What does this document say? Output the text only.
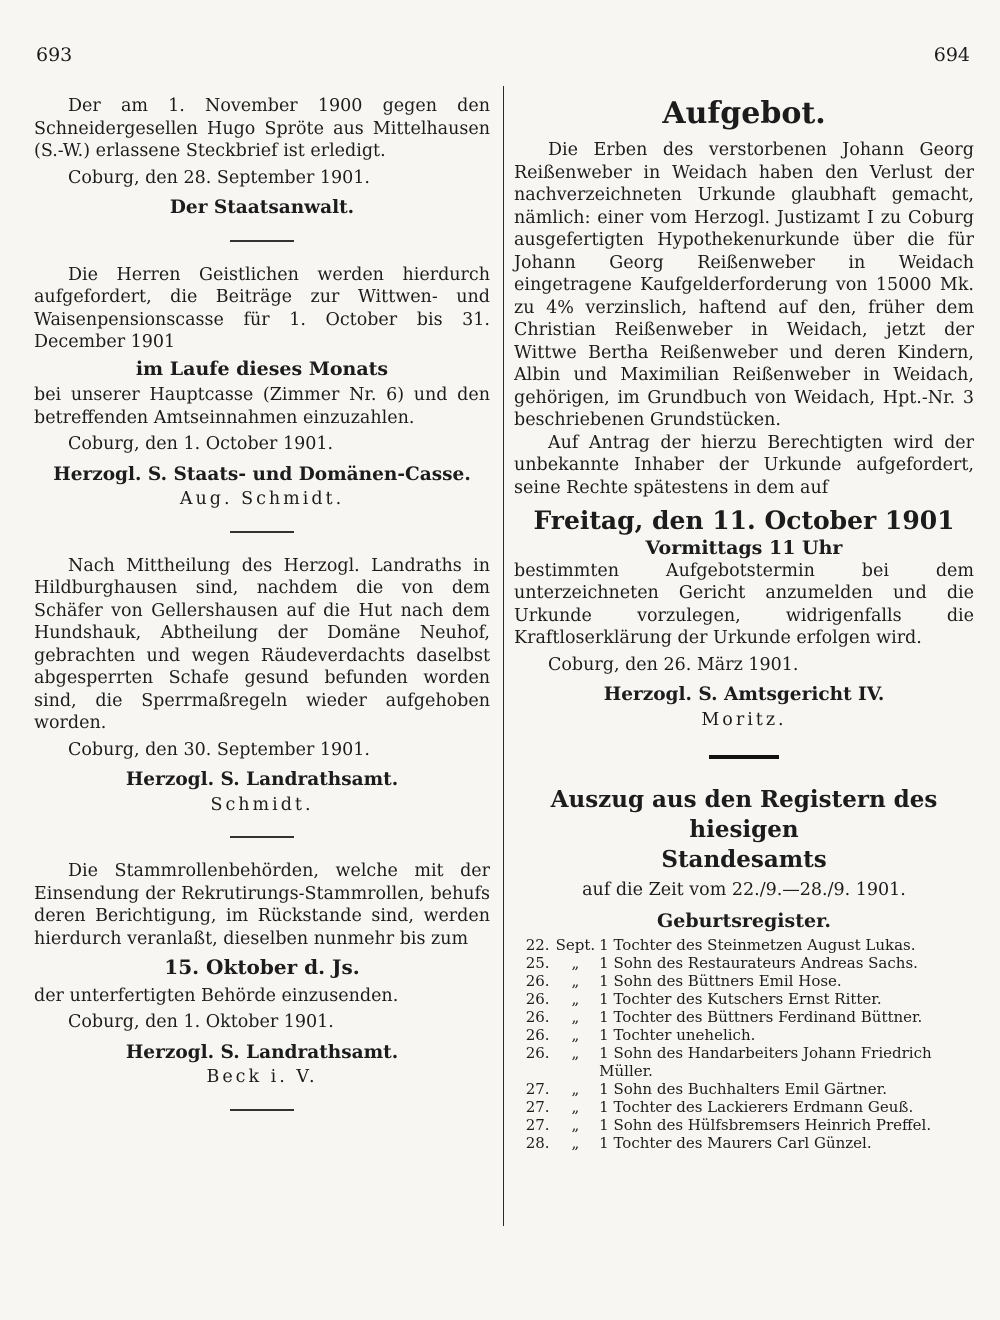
693	694

Der am 1. November 1900 gegen den Schneidergesellen Hugo Spröte aus Mittelhausen (S.-W.) erlassene Steckbrief ist erledigt.

Coburg, den 28. September 1901.

Der Staatsanwalt.

Die Herren Geistlichen werden hierdurch aufgefordert, die Beiträge zur Wittwen- und Waisenpensionscasse für 1. October bis 31. December 1901

im Laufe dieses Monats

bei unserer Hauptcasse (Zimmer Nr. 6) und den betreffenden Amtseinnahmen einzuzahlen.

Coburg, den 1. October 1901.

Herzogl. S. Staats- und Domänen-Casse.

Aug. Schmidt.

Nach Mittheilung des Herzogl. Landraths in Hildburghausen sind, nachdem die von dem Schäfer von Gellershausen auf die Hut nach dem Hundshauk, Abtheilung der Domäne Neuhof, gebrachten und wegen Räudeverdachts daselbst abgesperrten Schafe gesund befunden worden sind, die Sperrmaßregeln wieder aufgehoben worden.

Coburg, den 30. September 1901.

Herzogl. S. Landrathsamt.

Schmidt.

Die Stammrollenbehörden, welche mit der Einsendung der Rekrutirungs-Stammrollen, behufs deren Berichtigung, im Rückstande sind, werden hierdurch veranlaßt, dieselben nunmehr bis zum

15. Oktober d. Js.

der unterfertigten Behörde einzusenden.

Coburg, den 1. Oktober 1901.

Herzogl. S. Landrathsamt.

Beck i. V.

Aufgebot.

Die Erben des verstorbenen Johann Georg Reißenweber in Weidach haben den Verlust der nachverzeichneten Urkunde glaubhaft gemacht, nämlich: einer vom Herzogl. Justizamt I zu Coburg ausgefertigten Hypothekenurkunde über die für Johann Georg Reißenweber in Weidach eingetragene Kaufgelderforderung von 15000 Mk. zu 4% verzinslich, haftend auf den, früher dem Christian Reißenweber in Weidach, jetzt der Wittwe Bertha Reißenweber und deren Kindern, Albin und Maximilian Reißenweber in Weidach, gehörigen, im Grundbuch von Weidach, Hpt.-Nr. 3 beschriebenen Grundstücken.

Auf Antrag der hierzu Berechtigten wird der unbekannte Inhaber der Urkunde aufgefordert, seine Rechte spätestens in dem auf

Freitag, den 11. October 1901

Vormittags 11 Uhr

bestimmten Aufgebotstermin bei dem unterzeichneten Gericht anzumelden und die Urkunde vorzulegen, widrigenfalls die Kraftloserklärung der Urkunde erfolgen wird.

Coburg, den 26. März 1901.

Herzogl. S. Amtsgericht IV.

Moritz.

Auszug aus den Registern des hiesigen

Standesamts

auf die Zeit vom 22./9.—28./9. 1901.

Geburtsregister.

22.	Sept.	1 Tochter des Steinmetzen August Lukas.
25.	„	1 Sohn des Restaurateurs Andreas Sachs.
26.	„	1 Sohn des Büttners Emil Hose.
26.	„	1 Tochter des Kutschers Ernst Ritter.
26.	„	1 Tochter des Büttners Ferdinand Büttner.
26.	„	1 Tochter unehelich.
26.	„	1 Sohn des Handarbeiters Johann Friedrich Müller.
27.	„	1 Sohn des Buchhalters Emil Gärtner.
27.	„	1 Tochter des Lackierers Erdmann Geuß.
27.	„	1 Sohn des Hülfsbremsers Heinrich Preffel.
28.	„	1 Tochter des Maurers Carl Günzel.
